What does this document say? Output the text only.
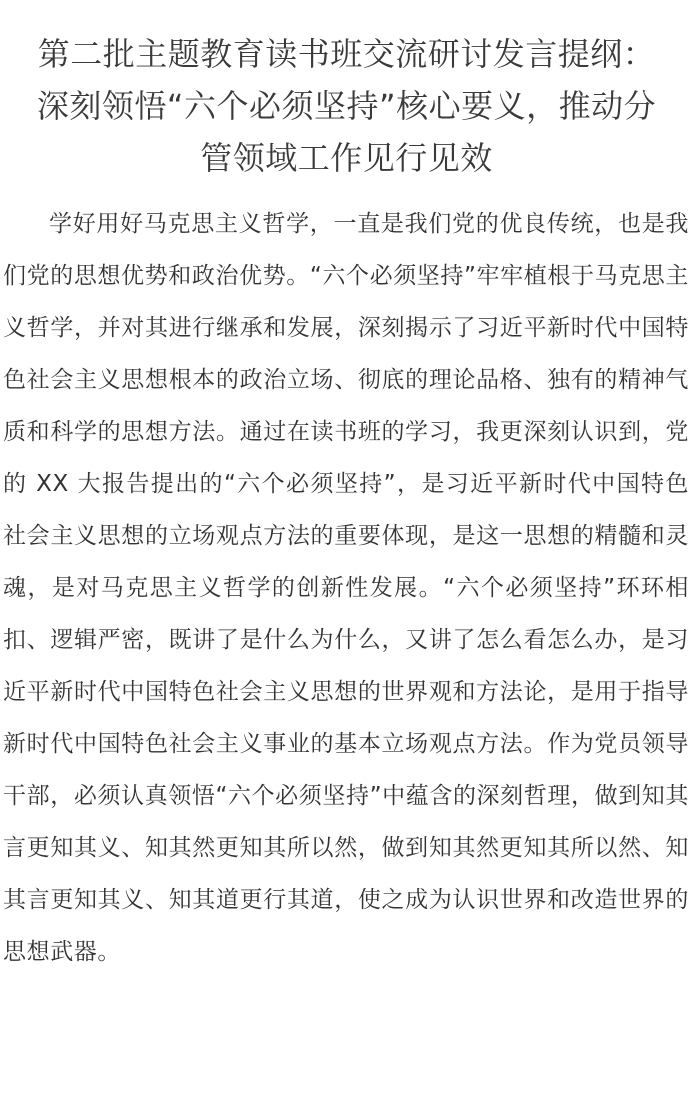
第二批主题教育读书班交流研讨发言提纲：
深刻领悟“六个必须坚持”核心要义，推动分
管领域工作见行见效

学好用好马克思主义哲学，一直是我们党的优良传统，也是我们党的思想优势和政治优势。“六个必须坚持”牢牢植根于马克思主义哲学，并对其进行继承和发展，深刻揭示了习近平新时代中国特色社会主义思想根本的政治立场、彻底的理论品格、独有的精神气质和科学的思想方法。通过在读书班的学习，我更深刻认识到，党的 XX 大报告提出的“六个必须坚持”，是习近平新时代中国特色社会主义思想的立场观点方法的重要体现，是这一思想的精髓和灵魂，是对马克思主义哲学的创新性发展。“六个必须坚持”环环相扣、逻辑严密，既讲了是什么为什么，又讲了怎么看怎么办，是习近平新时代中国特色社会主义思想的世界观和方法论，是用于指导新时代中国特色社会主义事业的基本立场观点方法。作为党员领导干部，必须认真领悟“六个必须坚持”中蕴含的深刻哲理，做到知其言更知其义、知其然更知其所以然，做到知其然更知其所以然、知其言更知其义、知其道更行其道，使之成为认识世界和改造世界的思想武器。
